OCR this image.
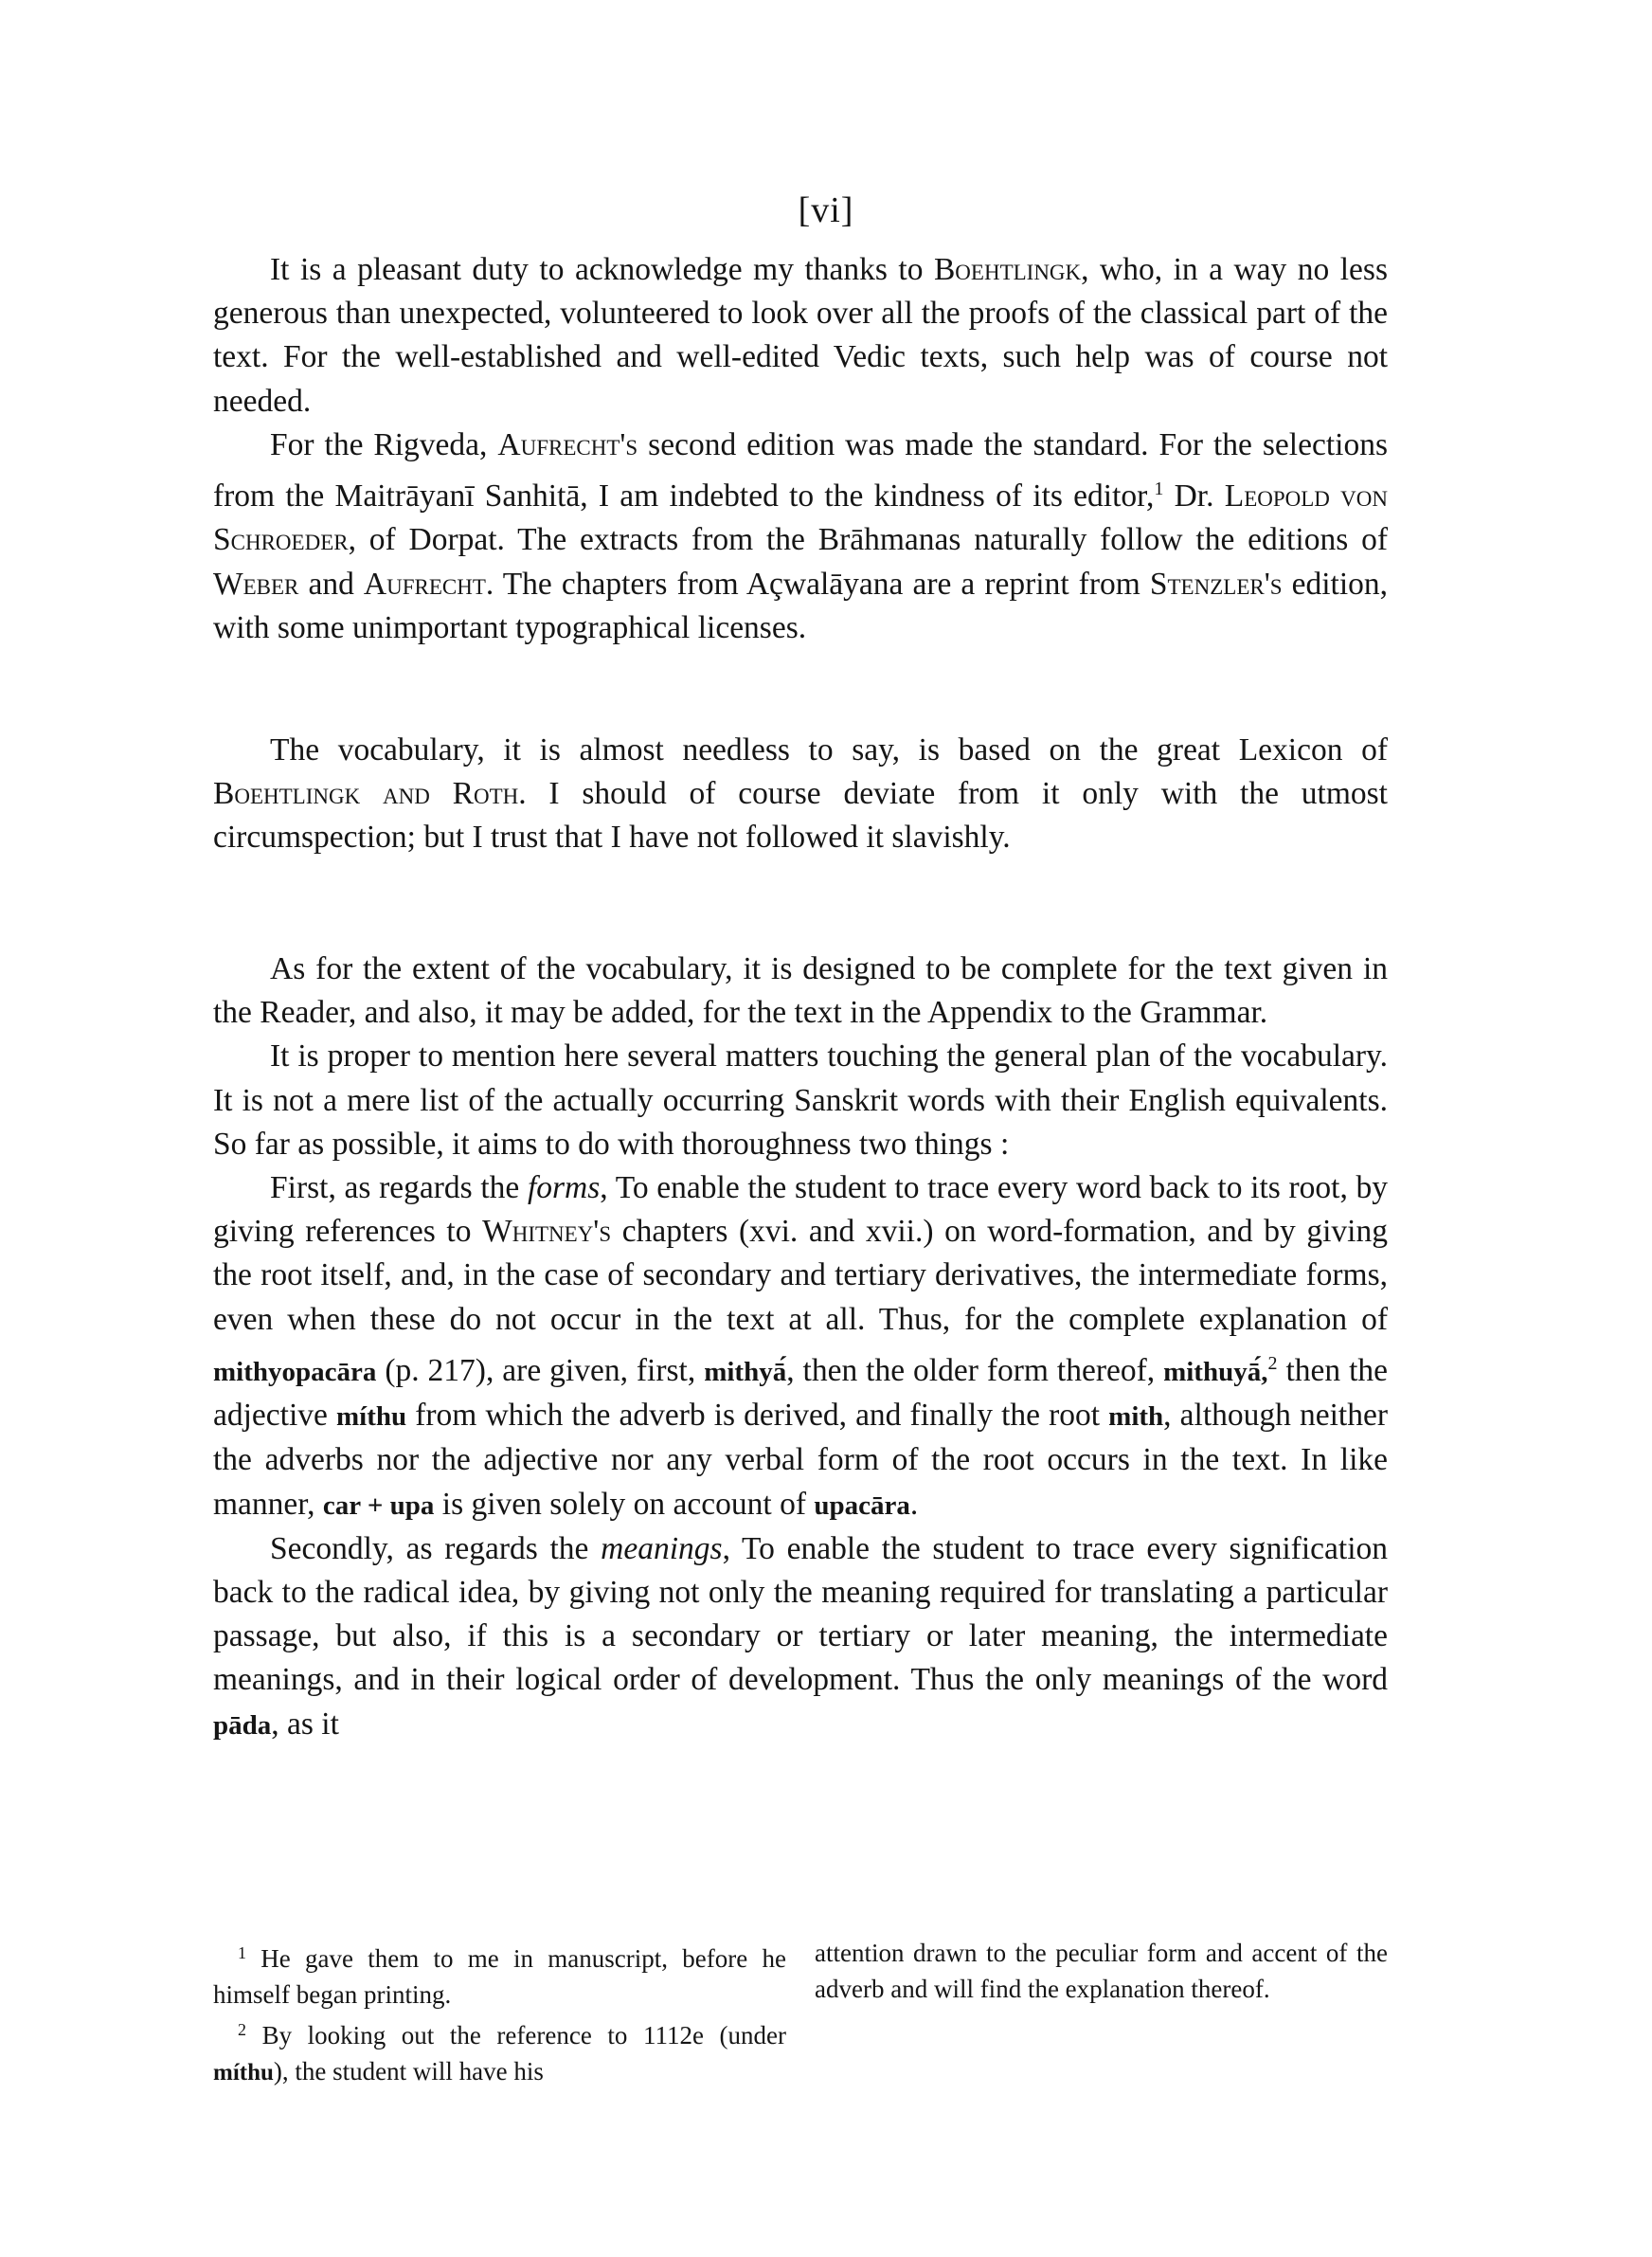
[vi]

It is a pleasant duty to acknowledge my thanks to Boehtlingk, who, in a way no less generous than unexpected, volunteered to look over all the proofs of the classical part of the text. For the well-established and well-edited Vedic texts, such help was of course not needed.

For the Rigveda, Aufrecht's second edition was made the standard. For the selections from the Maitrāyanī Sanhitā, I am indebted to the kindness of its editor,$^1$ Dr. Leopold von Schroeder, of Dorpat. The extracts from the Brāhmanas naturally follow the editions of Weber and Aufrecht. The chapters from Açwalāyana are a reprint from Stenzler's edition, with some unimportant typographical licenses.

The vocabulary, it is almost needless to say, is based on the great Lexicon of Boehtlingk and Roth. I should of course deviate from it only with the utmost circumspection; but I trust that I have not followed it slavishly.

As for the extent of the vocabulary, it is designed to be complete for the text given in the Reader, and also, it may be added, for the text in the Appendix to the Grammar.

It is proper to mention here several matters touching the general plan of the vocabulary. It is not a mere list of the actually occurring Sanskrit words with their English equivalents. So far as possible, it aims to do with thoroughness two things :

First, as regards the forms, To enable the student to trace every word back to its root, by giving references to Whitney's chapters (xvi. and xvii.) on word-formation, and by giving the root itself, and, in the case of secondary and tertiary derivatives, the intermediate forms, even when these do not occur in the text at all. Thus, for the complete explanation of mithyopacāra (p. 217), are given, first, mithyā́, then the older form thereof, mithuyā́,$^2$ then the adjective míthu from which the adverb is derived, and finally the root mith, although neither the adverbs nor the adjective nor any verbal form of the root occurs in the text. In like manner, car + upa is given solely on account of upacāra.

Secondly, as regards the meanings, To enable the student to trace every signification back to the radical idea, by giving not only the meaning required for translating a particular passage, but also, if this is a secondary or tertiary or later meaning, the intermediate meanings, and in their logical order of development. Thus the only meanings of the word pāda, as it

$^1$ He gave them to me in manuscript, before he himself began printing.

$^2$ By looking out the reference to 1112e (under míthu), the student will have his

attention drawn to the peculiar form and accent of the adverb and will find the explanation thereof.
